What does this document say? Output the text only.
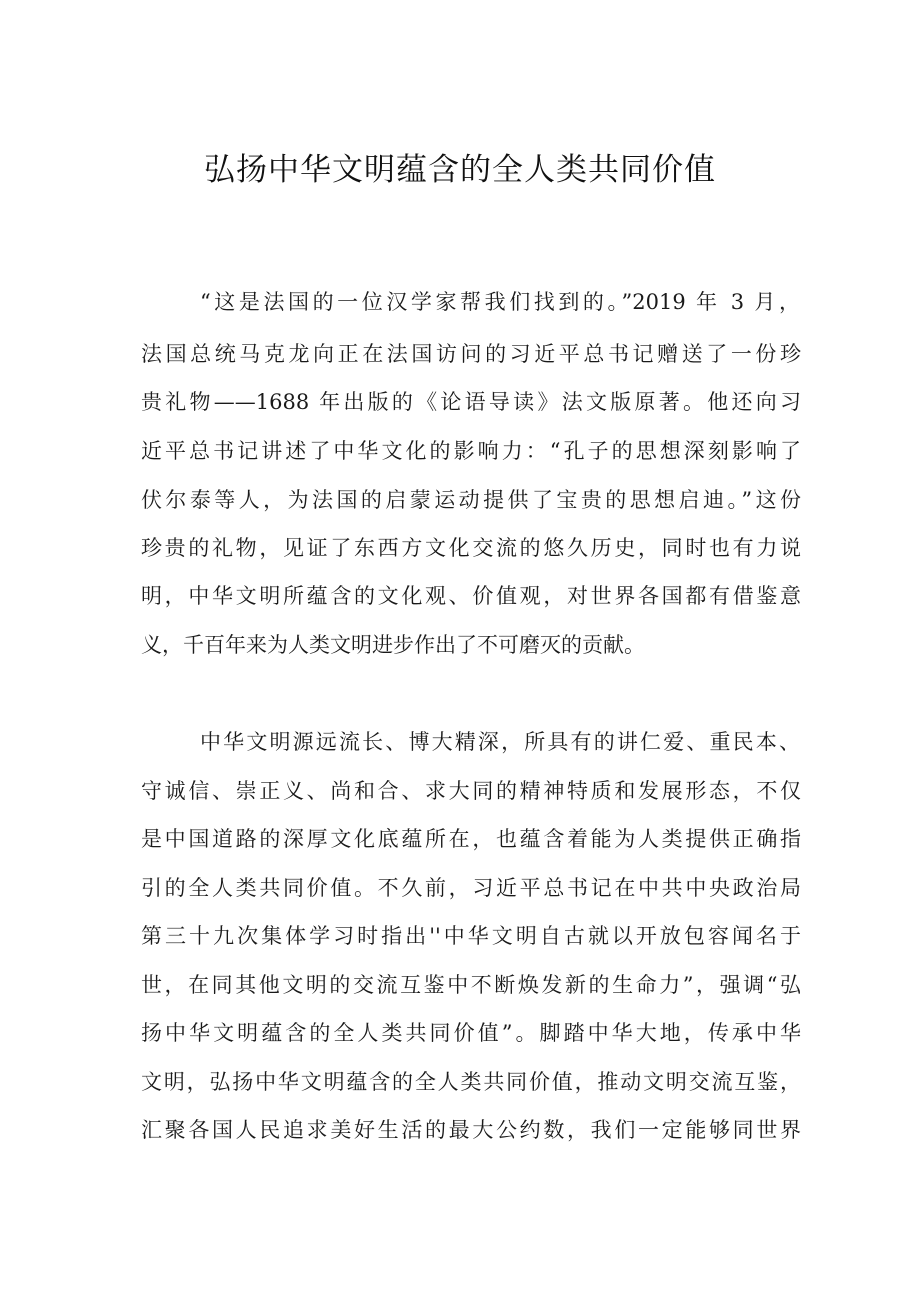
弘扬中华文明蕴含的全人类共同价值
“这是法国的一位汉学家帮我们找到的。”2019 年 3 月，
法国总统马克龙向正在法国访问的习近平总书记赠送了一份珍
贵礼物——1688 年出版的《论语导读》法文版原著。他还向习
近平总书记讲述了中华文化的影响力：“孔子的思想深刻影响了
伏尔泰等人，为法国的启蒙运动提供了宝贵的思想启迪。”这份
珍贵的礼物，见证了东西方文化交流的悠久历史，同时也有力说
明，中华文明所蕴含的文化观、价值观，对世界各国都有借鉴意
义，千百年来为人类文明进步作出了不可磨灭的贡献。
中华文明源远流长、博大精深，所具有的讲仁爱、重民本、
守诚信、崇正义、尚和合、求大同的精神特质和发展形态，不仅
是中国道路的深厚文化底蕴所在，也蕴含着能为人类提供正确指
引的全人类共同价值。不久前，习近平总书记在中共中央政治局
第三十九次集体学习时指出''中华文明自古就以开放包容闻名于
世，在同其他文明的交流互鉴中不断焕发新的生命力”，强调“弘
扬中华文明蕴含的全人类共同价值”。脚踏中华大地，传承中华
文明，弘扬中华文明蕴含的全人类共同价值，推动文明交流互鉴，
汇聚各国人民追求美好生活的最大公约数，我们一定能够同世界
